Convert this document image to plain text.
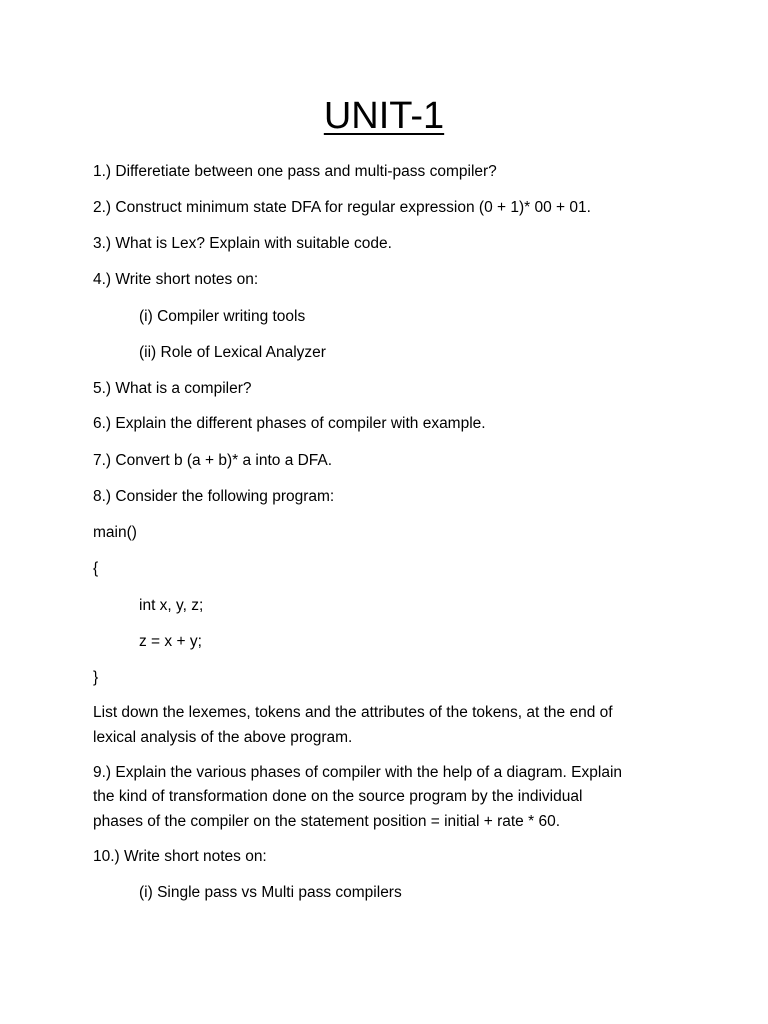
UNIT-1
1.) Differetiate between one pass and multi-pass compiler?
2.) Construct minimum state DFA for regular expression (0 + 1)* 00 + 01.
3.) What is Lex? Explain with suitable code.
4.) Write short notes on:
(i) Compiler writing tools
(ii) Role of Lexical Analyzer
5.) What is a compiler?
6.) Explain the different phases of compiler with example.
7.) Convert b (a + b)* a into a DFA.
8.) Consider the following program:
main()
{
int x, y, z;
z = x + y;
}
List down the lexemes, tokens and the attributes of the tokens, at the end of
lexical analysis of the above program.
9.) Explain the various phases of compiler with the help of a diagram. Explain
the kind of transformation done on the source program by the individual
phases of the compiler on the statement position = initial + rate * 60.
10.) Write short notes on:
(i) Single pass vs Multi pass compilers
